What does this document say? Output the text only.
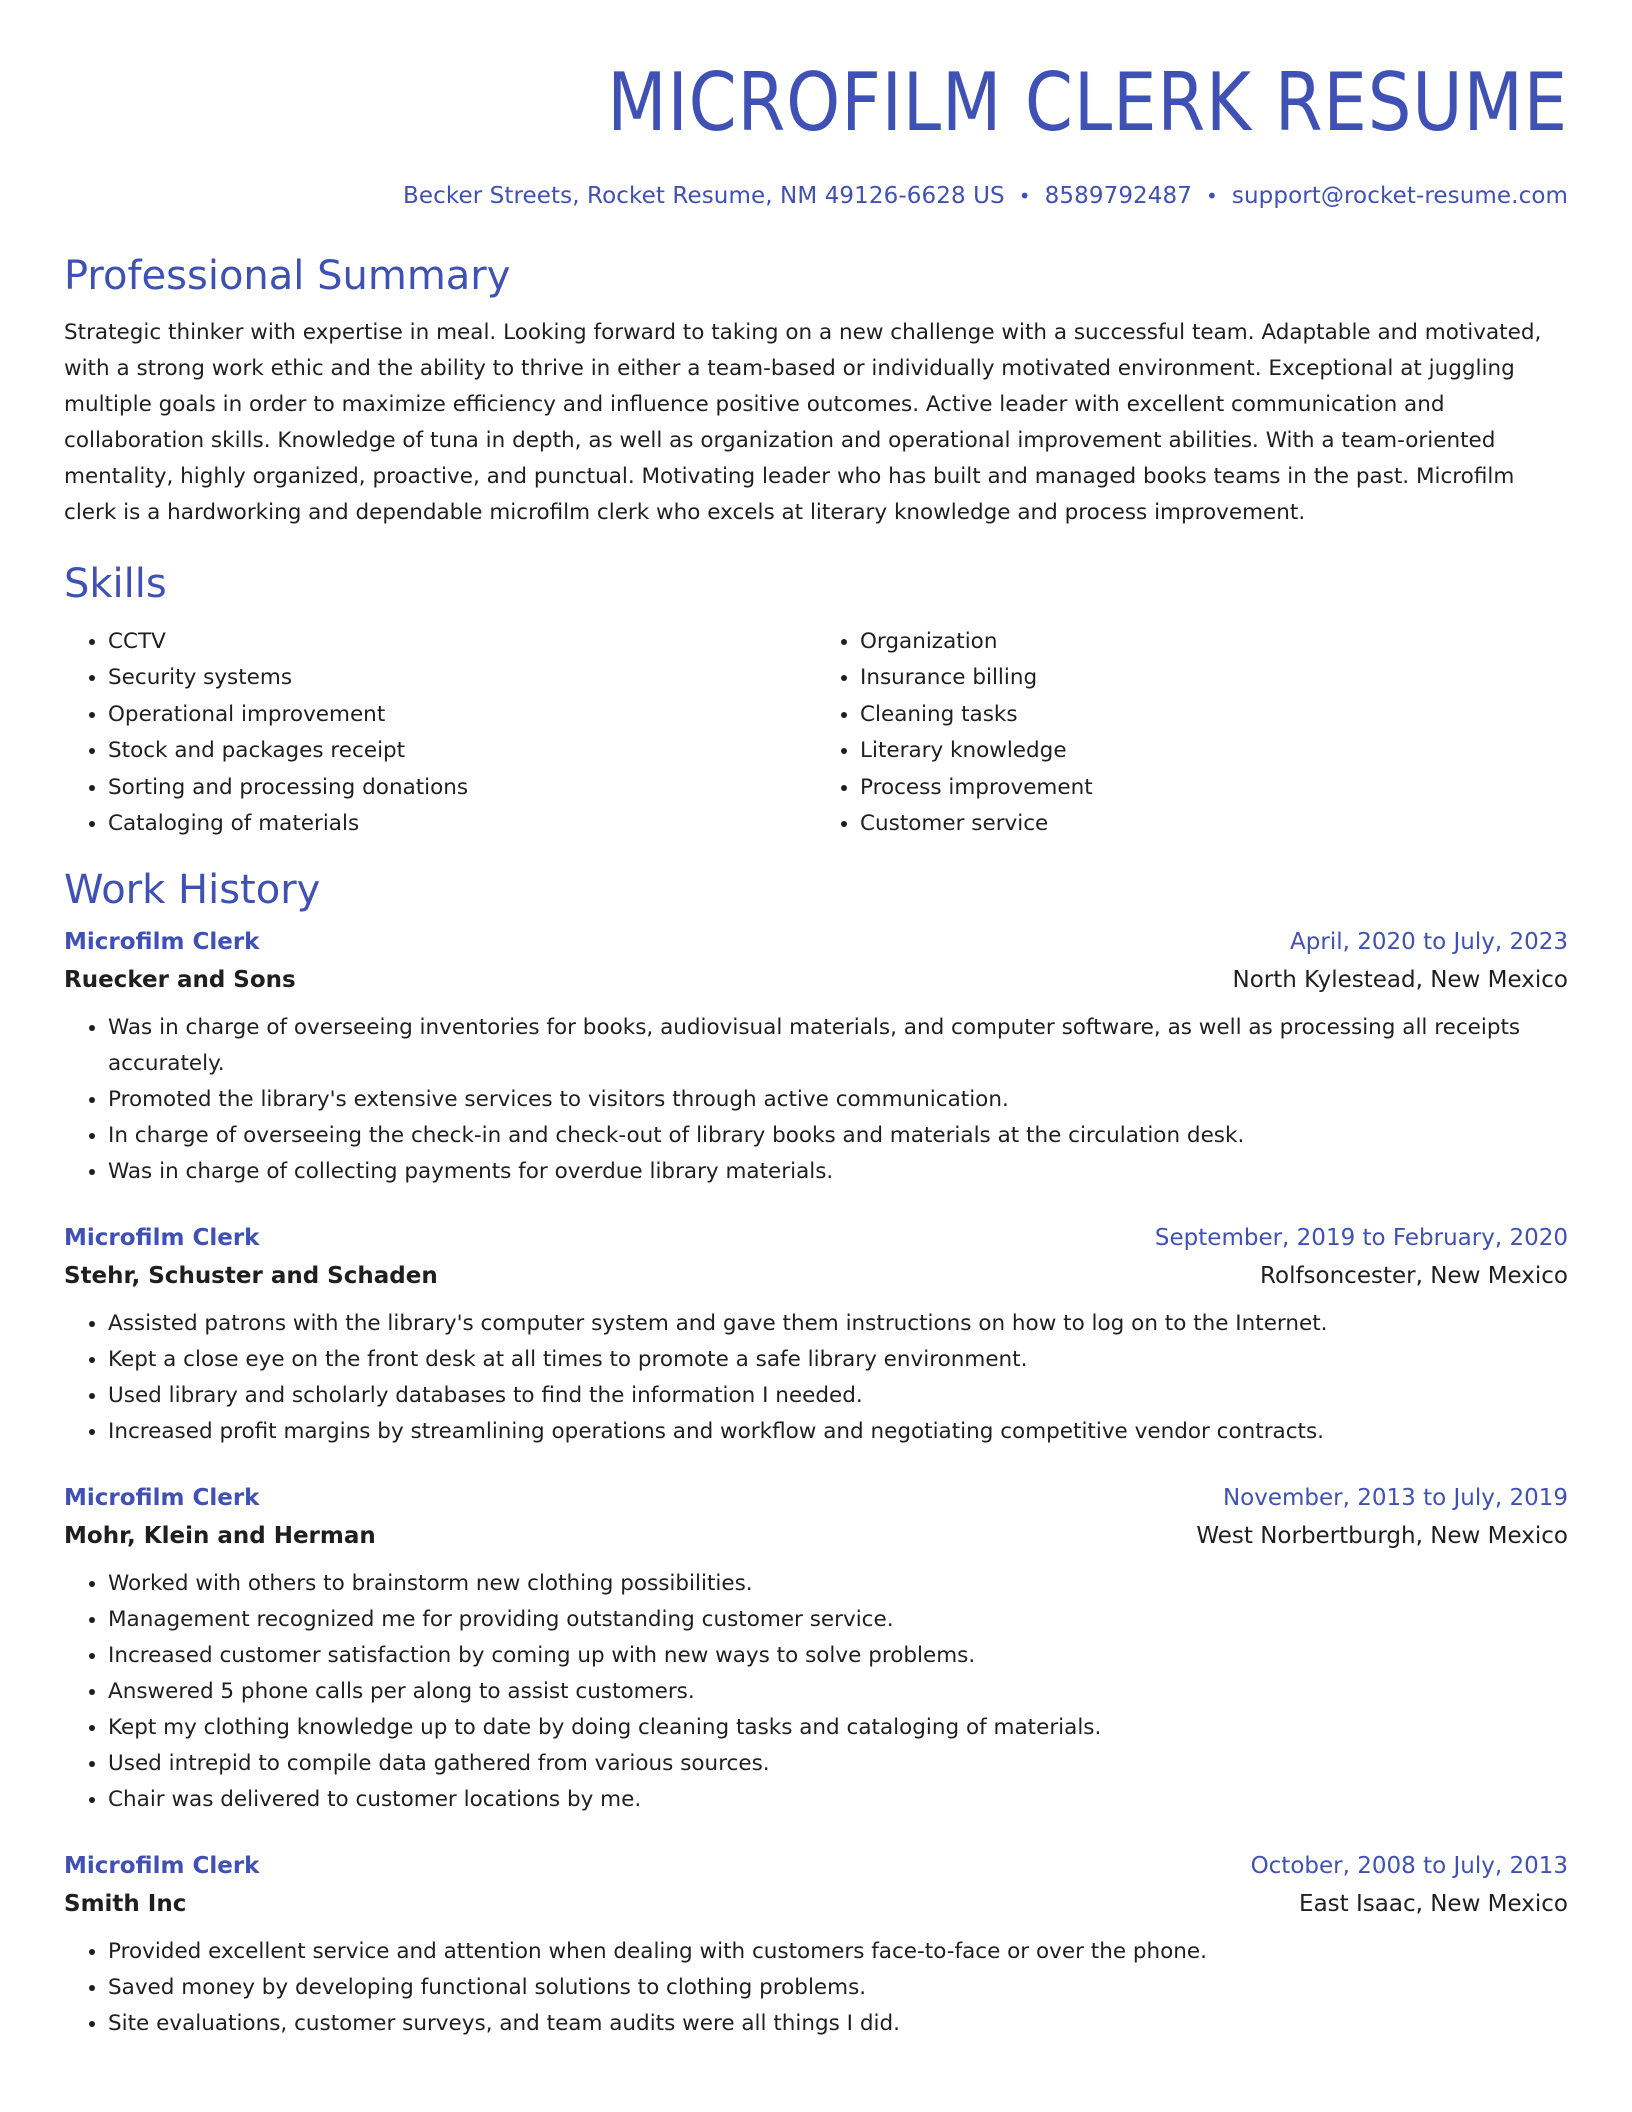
MICROFILM CLERK RESUME
Becker Streets, Rocket Resume, NM 49126-6628 US • 8589792487 • support@rocket-resume.com
Professional Summary
Strategic thinker with expertise in meal. Looking forward to taking on a new challenge with a successful team. Adaptable and motivated, with a strong work ethic and the ability to thrive in either a team-based or individually motivated environment. Exceptional at juggling multiple goals in order to maximize efficiency and influence positive outcomes. Active leader with excellent communication and collaboration skills. Knowledge of tuna in depth, as well as organization and operational improvement abilities. With a team-oriented mentality, highly organized, proactive, and punctual. Motivating leader who has built and managed books teams in the past. Microfilm clerk is a hardworking and dependable microfilm clerk who excels at literary knowledge and process improvement.
Skills
• CCTV
• Security systems
• Operational improvement
• Stock and packages receipt
• Sorting and processing donations
• Cataloging of materials
• Organization
• Insurance billing
• Cleaning tasks
• Literary knowledge
• Process improvement
• Customer service
Work History
Microfilm Clerk	April, 2020 to July, 2023
Ruecker and Sons	North Kylestead, New Mexico
• Was in charge of overseeing inventories for books, audiovisual materials, and computer software, as well as processing all receipts accurately.
• Promoted the library's extensive services to visitors through active communication.
• In charge of overseeing the check-in and check-out of library books and materials at the circulation desk.
• Was in charge of collecting payments for overdue library materials.
Microfilm Clerk	September, 2019 to February, 2020
Stehr, Schuster and Schaden	Rolfsoncester, New Mexico
• Assisted patrons with the library's computer system and gave them instructions on how to log on to the Internet.
• Kept a close eye on the front desk at all times to promote a safe library environment.
• Used library and scholarly databases to find the information I needed.
• Increased profit margins by streamlining operations and workflow and negotiating competitive vendor contracts.
Microfilm Clerk	November, 2013 to July, 2019
Mohr, Klein and Herman	West Norbertburgh, New Mexico
• Worked with others to brainstorm new clothing possibilities.
• Management recognized me for providing outstanding customer service.
• Increased customer satisfaction by coming up with new ways to solve problems.
• Answered 5 phone calls per along to assist customers.
• Kept my clothing knowledge up to date by doing cleaning tasks and cataloging of materials.
• Used intrepid to compile data gathered from various sources.
• Chair was delivered to customer locations by me.
Microfilm Clerk	October, 2008 to July, 2013
Smith Inc	East Isaac, New Mexico
• Provided excellent service and attention when dealing with customers face-to-face or over the phone.
• Saved money by developing functional solutions to clothing problems.
• Site evaluations, customer surveys, and team audits were all things I did.
